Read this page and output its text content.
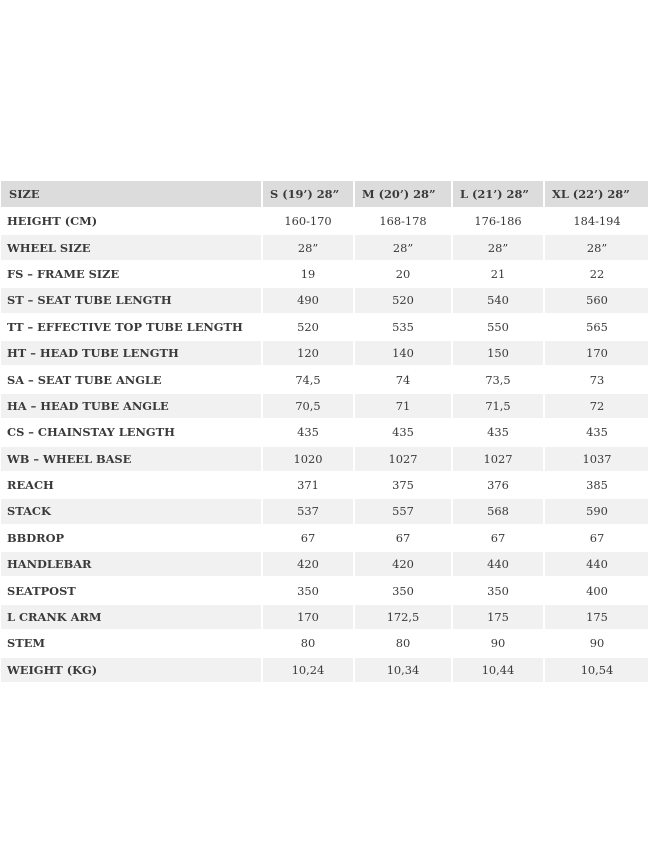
SIZE	S (19’) 28”	M (20’) 28”	L (21’) 28”	XL (22’) 28”
HEIGHT (CM)	160-170	168-178	176-186	184-194
WHEEL SIZE	28”	28”	28”	28”
FS – FRAME SIZE	19	20	21	22
ST – SEAT TUBE LENGTH	490	520	540	560
TT – EFFECTIVE TOP TUBE LENGTH	520	535	550	565
HT – HEAD TUBE LENGTH	120	140	150	170
SA – SEAT TUBE ANGLE	74,5	74	73,5	73
HA – HEAD TUBE ANGLE	70,5	71	71,5	72
CS – CHAINSTAY LENGTH	435	435	435	435
WB – WHEEL BASE	1020	1027	1027	1037
REACH	371	375	376	385
STACK	537	557	568	590
BBDROP	67	67	67	67
HANDLEBAR	420	420	440	440
SEATPOST	350	350	350	400
L CRANK ARM	170	172,5	175	175
STEM	80	80	90	90
WEIGHT (KG)	10,24	10,34	10,44	10,54
